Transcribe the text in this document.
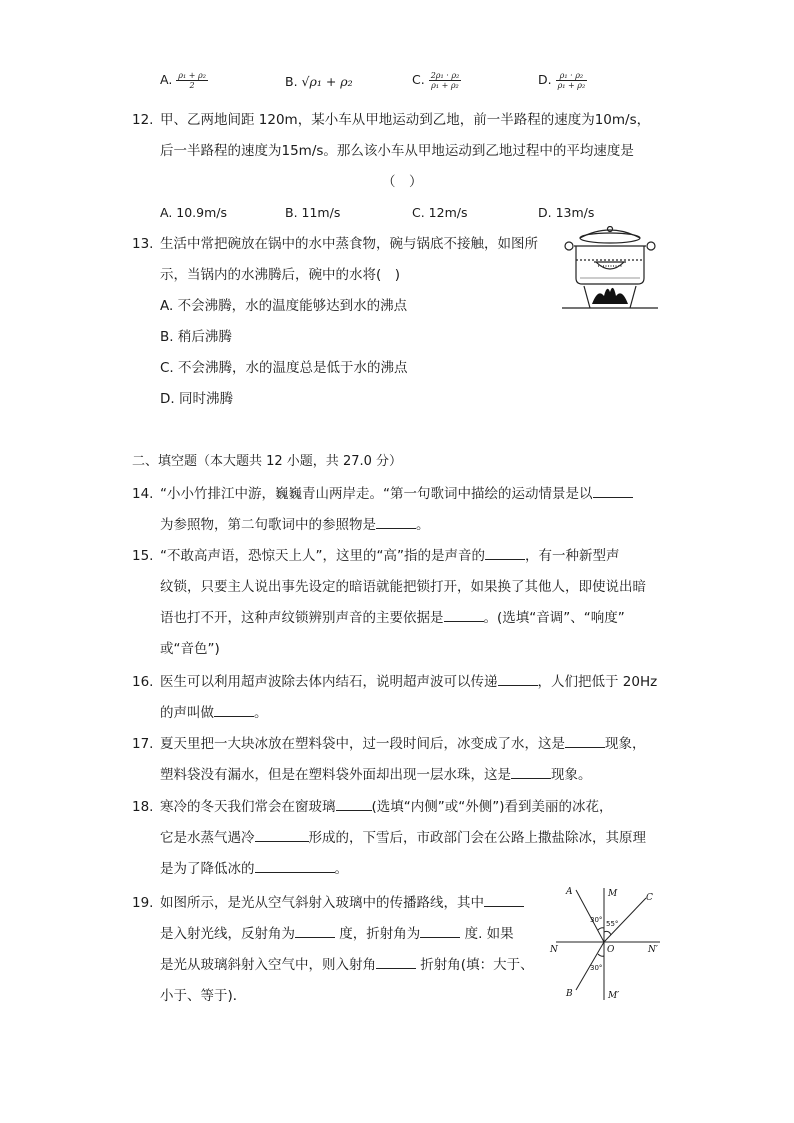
A. $\frac{\text{ρ₁ + ρ₂}}{2}$	B. √ρ₁ + ρ₂	C. $\frac{\text{2ρ₁ · ρ₂}}{\text{ρ₁ + ρ₂}}$	D. $\frac{\text{ρ₁ · ρ₂}}{\text{ρ₁ + ρ₂}}$
12. 甲、乙两地间距 120m，某小车从甲地运动到乙地，前一半路程的速度为10m/s，
后一半路程的速度为15m/s。那么该小车从甲地运动到乙地过程中的平均速度是
（　）
A. 10.9m/s	B. 11m/s	C. 12m/s	D. 13m/s
13. 生活中常把碗放在锅中的水中蒸食物，碗与锅底不接触，如图所
示，当锅内的水沸腾后，碗中的水将(　)
A. 不会沸腾，水的温度能够达到水的沸点
B. 稍后沸腾
C. 不会沸腾，水的温度总是低于水的沸点
D. 同时沸腾
二、填空题（本大题共 12 小题，共 27.0 分）
14. “小小竹排江中游，巍巍青山两岸走。“第一句歌词中描绘的运动情景是以
为参照物，第二句歌词中的参照物是	。
15. “不敢高声语，恐惊天上人”，这里的“高”指的是声音的	，有一种新型声
纹锁，只要主人说出事先设定的暗语就能把锁打开，如果换了其他人，即使说出暗
语也打不开，这种声纹锁辨别声音的主要依据是	。(选填“音调”、“响度”
或“音色”)
16. 医生可以利用超声波除去体内结石，说明超声波可以传递	，人们把低于 20Hz
的声叫做	。
17. 夏天里把一大块冰放在塑料袋中，过一段时间后，冰变成了水，这是	现象，
塑料袋没有漏水，但是在塑料袋外面却出现一层水珠，这是	现象。
18. 寒冷的冬天我们常会在窗玻璃	(选填“内侧”或“外侧”)看到美丽的冰花，
它是水蒸气遇冷	形成的，下雪后，市政部门会在公路上撒盐除冰，其原理
是为了降低冰的	。
19. 如图所示，是光从空气斜射入玻璃中的传播路线，其中
是入射光线，反射角为	度，折射角为	度. 如果
是光从玻璃斜射入空气中，则入射角	折射角(填：大于、
小于、等于)．
A	M	C
N	O	N′
B	M′
30° 55°
30°
